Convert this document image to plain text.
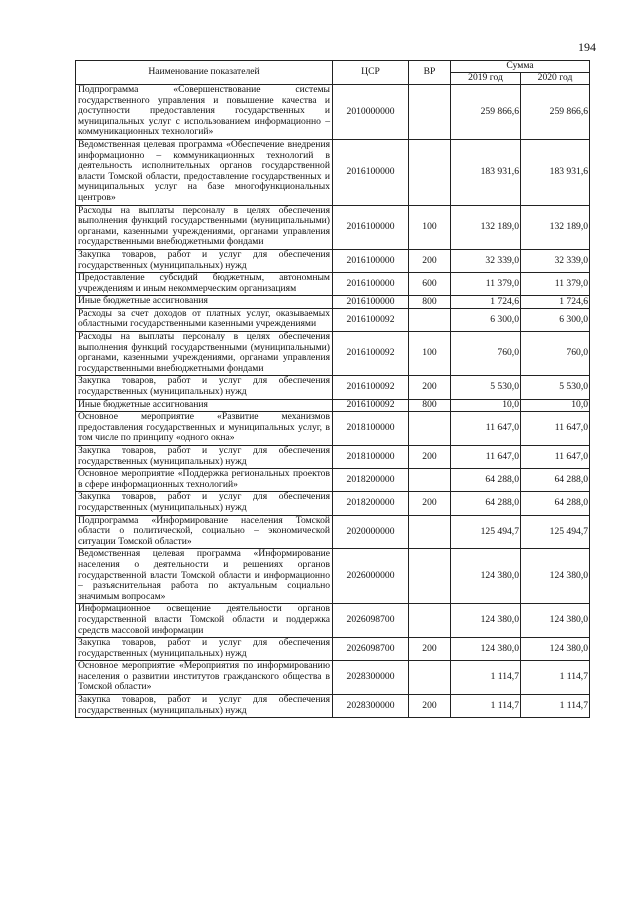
194
Наименование показателей	ЦСР	ВР	Сумма	
			2019 год	2020 год
Подпрограмма «Совершенствование системы государственного управления и повышение качества и доступности предоставления государственных и муниципальных услуг с использованием информационно – коммуникационных технологий»	2010000000		259 866,6	259 866,6
Ведомственная целевая программа «Обеспечение внедрения информационно – коммуникационных технологий в деятельность исполнительных органов государственной власти Томской области, предоставление государственных и муниципальных услуг на базе многофункциональных центров»	2016100000		183 931,6	183 931,6
Расходы на выплаты персоналу в целях обеспечения выполнения функций государственными (муниципальными) органами, казенными учреждениями, органами управления государственными внебюджетными фондами	2016100000	100	132 189,0	132 189,0
Закупка товаров, работ и услуг для обеспечения государственных (муниципальных) нужд	2016100000	200	32 339,0	32 339,0
Предоставление субсидий бюджетным, автономным учреждениям и иным некоммерческим организациям	2016100000	600	11 379,0	11 379,0
Иные бюджетные ассигнования	2016100000	800	1 724,6	1 724,6
Расходы за счет доходов от платных услуг, оказываемых областными государственными казенными учреждениями	2016100092		6 300,0	6 300,0
Расходы на выплаты персоналу в целях обеспечения выполнения функций государственными (муниципальными) органами, казенными учреждениями, органами управления государственными внебюджетными фондами	2016100092	100	760,0	760,0
Закупка товаров, работ и услуг для обеспечения государственных (муниципальных) нужд	2016100092	200	5 530,0	5 530,0
Иные бюджетные ассигнования	2016100092	800	10,0	10,0
Основное мероприятие «Развитие механизмов предоставления государственных и муниципальных услуг, в том числе по принципу «одного окна»	2018100000		11 647,0	11 647,0
Закупка товаров, работ и услуг для обеспечения государственных (муниципальных) нужд	2018100000	200	11 647,0	11 647,0
Основное мероприятие «Поддержка региональных проектов в сфере информационных технологий»	2018200000		64 288,0	64 288,0
Закупка товаров, работ и услуг для обеспечения государственных (муниципальных) нужд	2018200000	200	64 288,0	64 288,0
Подпрограмма «Информирование населения Томской области о политической, социально – экономической ситуации Томской области»	2020000000		125 494,7	125 494,7
Ведомственная целевая программа «Информирование населения о деятельности и решениях органов государственной власти Томской области и информационно – разъяснительная работа по актуальным социально значимым вопросам»	2026000000		124 380,0	124 380,0
Информационное освещение деятельности органов государственной власти Томской области и поддержка средств массовой информации	2026098700		124 380,0	124 380,0
Закупка товаров, работ и услуг для обеспечения государственных (муниципальных) нужд	2026098700	200	124 380,0	124 380,0
Основное мероприятие «Мероприятия по информированию населения о развитии институтов гражданского общества в Томской области»	2028300000		1 114,7	1 114,7
Закупка товаров, работ и услуг для обеспечения государственных (муниципальных) нужд	2028300000	200	1 114,7	1 114,7
